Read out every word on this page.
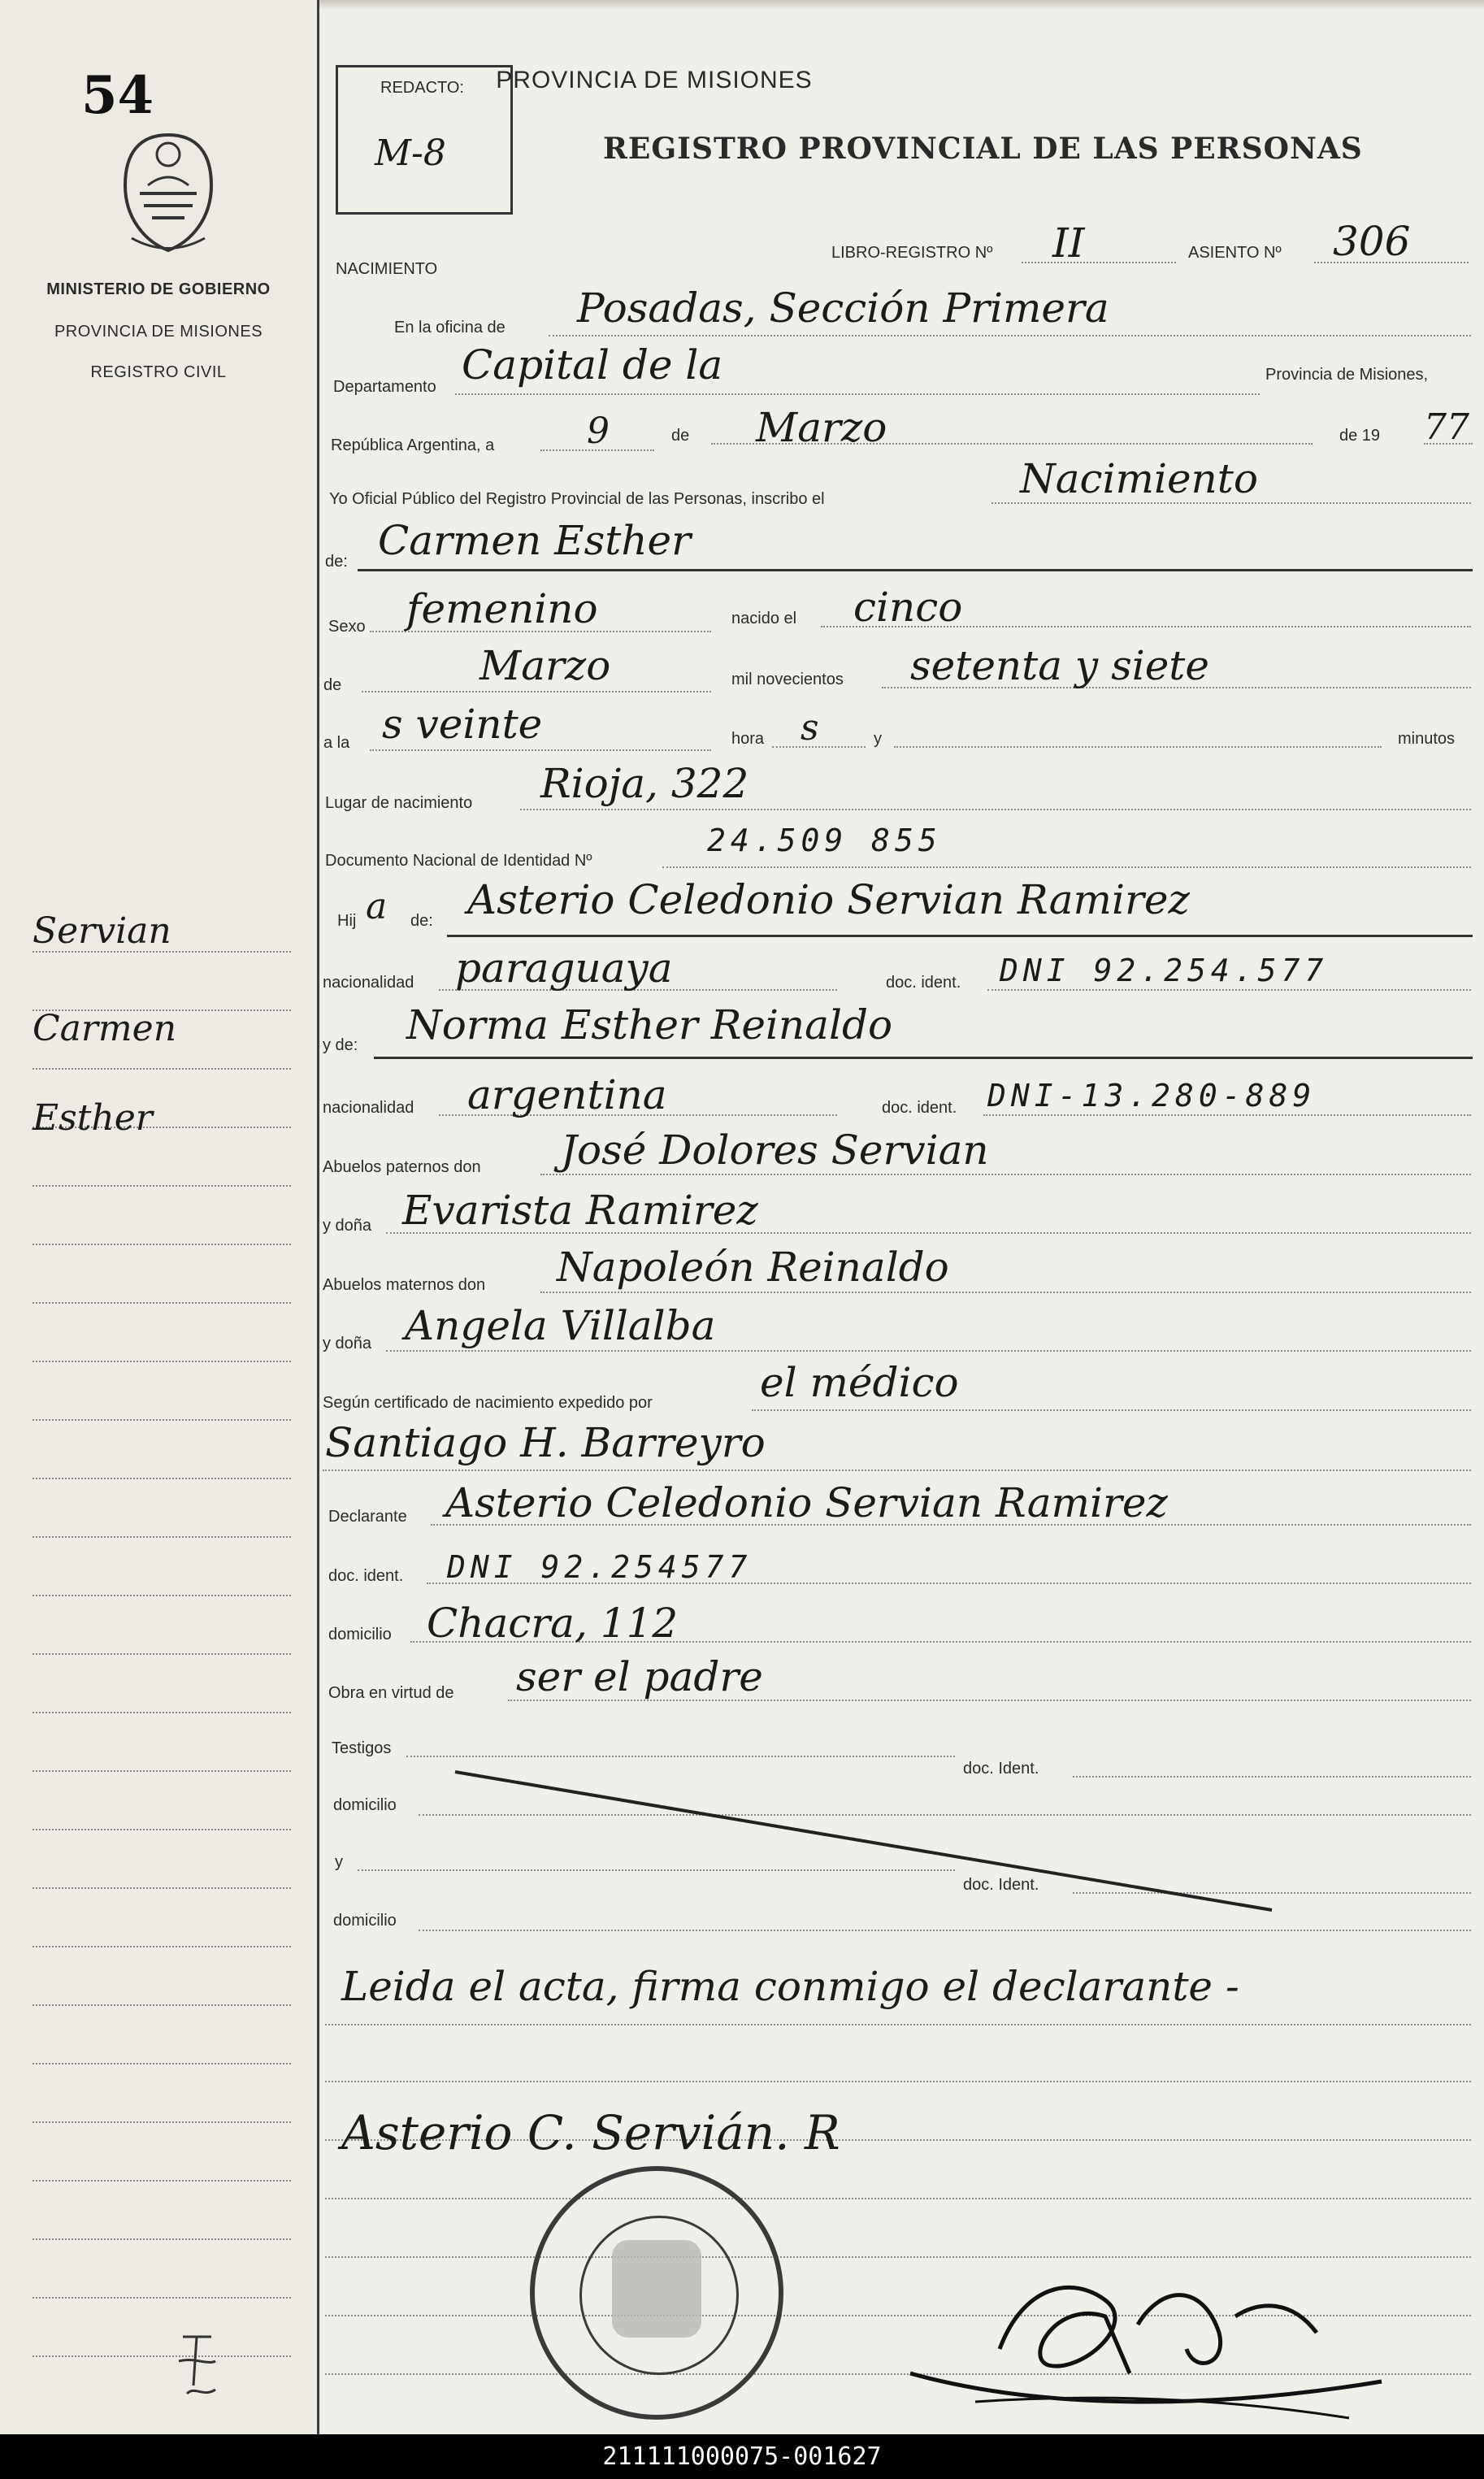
54
MINISTERIO DE GOBIERNO
PROVINCIA DE MISIONES
REGISTRO CIVIL
Servian
Carmen
Esther
REDACTO:
M-8
PROVINCIA DE MISIONES
REGISTRO PROVINCIAL DE LAS PERSONAS
NACIMIENTO
LIBRO-REGISTRO Nº II	ASIENTO Nº 306
En la oficina de Posadas, Sección Primera
Departamento Capital de la	Provincia de Misiones,
República Argentina, a	9	de Marzo	de 19 77
Yo Oficial Público del Registro Provincial de las Personas, inscribo el	Nacimiento
de: Carmen Esther
Sexo femenino	nacido el cinco
de	Marzo	mil novecientos setenta y siete
a la s veinte	hora s	y	minutos
Lugar de nacimiento Rioja, 322
Documento Nacional de Identidad Nº
24.509 855
Hij a de: Asterio Celedonio Servian Ramirez
nacionalidad paraguaya	doc. ident. DNI 92.254.577
y de: Norma Esther Reinaldo
nacionalidad argentina	doc. ident. DNI-13.280-889
Abuelos paternos don José Dolores Servian
y doña Evarista Ramirez
Abuelos maternos don Napoleón Reinaldo
y doña Angela Villalba
Según certificado de nacimiento expedido por	el médico
Santiago H. Barreyro
Declarante Asterio Celedonio Servian Ramirez
doc. ident. DNI 92.254577
domicilio Chacra, 112
Obra en virtud de ser el padre
Testigos
doc. Ident.
domicilio
y
doc. Ident.
domicilio
Leida el acta, firma conmigo el declarante -
Asterio C. Servián. R
211111000075-001627
